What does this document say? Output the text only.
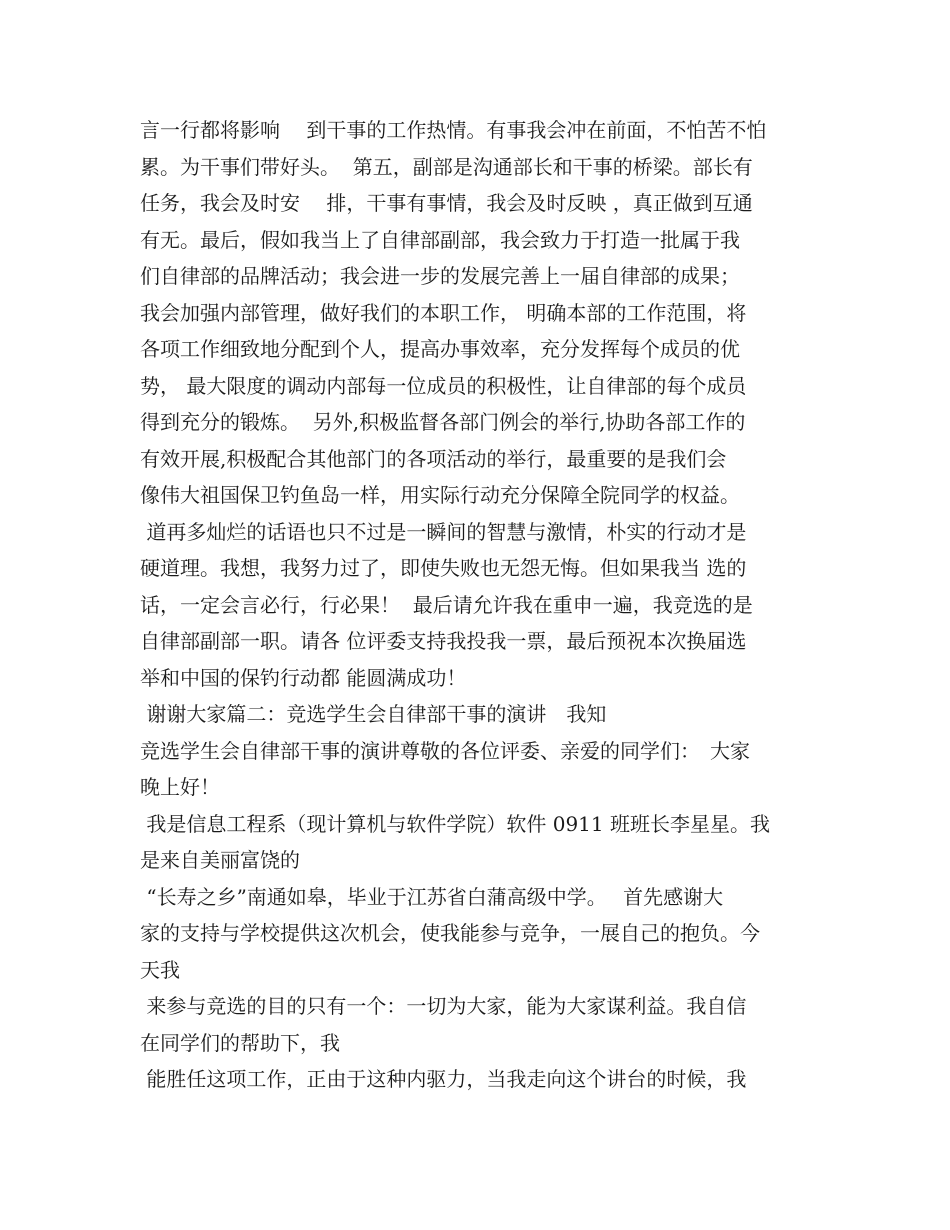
言一行都将影响　 到干事的工作热情。有事我会冲在前面，不怕苦不怕
累。为干事们带好头。  第五，副部是沟通部长和干事的桥梁。部长有
任务，我会及时安　 排，干事有事情，我会及时反映 ，真正做到互通
有无。最后，假如我当上了自律部副部，我会致力于打造一批属于我
们自律部的品牌活动；我会进一步的发展完善上一届自律部的成果；
我会加强内部管理，做好我们的本职工作， 明确本部的工作范围，将
各项工作细致地分配到个人，提高办事效率，充分发挥每个成员的优
势， 最大限度的调动内部每一位成员的积极性，让自律部的每个成员
得到充分的锻炼。  另外,积极监督各部门例会的举行,协助各部工作的
有效开展,积极配合其他部门的各项活动的举行，最重要的是我们会
像伟大祖国保卫钓鱼岛一样，用实际行动充分保障全院同学的权益。
道再多灿烂的话语也只不过是一瞬间的智慧与激情，朴实的行动才是
硬道理。我想，我努力过了，即使失败也无怨无悔。但如果我当 选的
话，一定会言必行，行必果！  最后请允许我在重申一遍，我竞选的是
自律部副部一职。请各 位评委支持我投我一票，最后预祝本次换届选
举和中国的保钓行动都 能圆满成功！
谢谢大家篇二：竞选学生会自律部干事的演讲　我知
竞选学生会自律部干事的演讲尊敬的各位评委、亲爱的同学们：　大家
晚上好！
我是信息工程系（现计算机与软件学院）软件 0911 班班长李星星。我
是来自美丽富饶的
“长寿之乡”南通如皋，毕业于江苏省白蒲高级中学。　 首先感谢大
家的支持与学校提供这次机会，使我能参与竞争，一展自己的抱负。今
天我
来参与竞选的目的只有一个：一切为大家，能为大家谋利益。我自信
在同学们的帮助下，我
能胜任这项工作，正由于这种内驱力，当我走向这个讲台的时候，我
